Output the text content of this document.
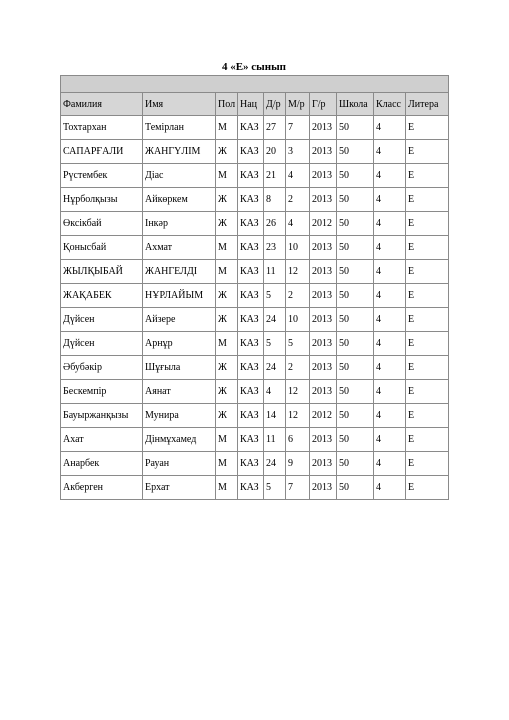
4 «Е» сынып

Фамилия	Имя	Пол	Нац	Д/р	М/р	Г/р	Школа	Класс	Литера
Тохтархан	Темірлан	М	КАЗ	27	7	2013	50	4	Е
САПАРҒАЛИ	ЖАНГҮЛІМ	Ж	КАЗ	20	3	2013	50	4	Е
Рүстембек	Дiас	М	КАЗ	21	4	2013	50	4	Е
Нұрболқызы	Айкөркем	Ж	КАЗ	8	2	2013	50	4	Е
Өксікбай	Інкәр	Ж	КАЗ	26	4	2012	50	4	Е
Қонысбай	Ахмат	М	КАЗ	23	10	2013	50	4	Е
ЖЫЛҚЫБАЙ	ЖАНГЕЛДІ	М	КАЗ	11	12	2013	50	4	Е
ЖАҚАБЕК	НҰРЛАЙЫМ	Ж	КАЗ	5	2	2013	50	4	Е
Дүйсен	Айзере	Ж	КАЗ	24	10	2013	50	4	Е
Дүйсен	Арнұр	М	КАЗ	5	5	2013	50	4	Е
Әбубәкір	Шұғыла	Ж	КАЗ	24	2	2013	50	4	Е
Бескемпір	Аянат	Ж	КАЗ	4	12	2013	50	4	Е
Бауыржанқызы	Мунира	Ж	КАЗ	14	12	2012	50	4	Е
Ахат	Дінмұхамед	М	КАЗ	11	6	2013	50	4	Е
Анарбек	Рауан	М	КАЗ	24	9	2013	50	4	Е
Акберген	Ерхат	М	КАЗ	5	7	2013	50	4	Е
